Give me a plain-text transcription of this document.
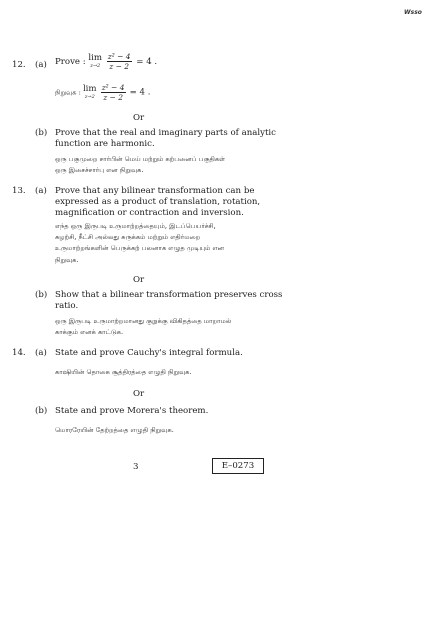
Wsso
12. (a) Prove : lim
z→2
$\frac{\text{z² − 4}}{z - 2} = 4$ .
நிறுவுக : lim
z→2
$\frac{\text{z² − 4}}{z - 2} = 4$ .
Or
(b) Prove that the real and imaginary parts of analytic
function are harmonic.
ஒரு பகுமுறை சார்பின் மெய் மற்றும் கற்பனைப் பகுதிகள்
ஒரு இசைச்சார்பு என நிறுவுக.
13. (a) Prove that any bilinear transformation can be
expressed as a product of translation, rotation,
magnification or contraction and inversion.
எந்த ஒரு இருபடி உருமாற்றத்தையும், இடப்பெயர்ச்சி,
சுழற்சி, நீட்சி அல்லது சுருக்கம் மற்றும் எதிர்மறை
உருமாற்றங்களின் பெருக்கற் பலனாக எழுத முடியும் என
நிறுவுக.
Or
(b) Show that a bilinear transformation preserves cross
ratio.
ஒரு இருபடி உருமாற்றமானது குறுக்கு விகிதத்தை மாறாமல்
காக்கும் எனக் காட்டுக.
14. (a) State and prove Cauchy's integral formula.
காஷியின் தொகை சூத்திரத்தை எழுதி நிறுவுக.
Or
(b) State and prove Morera's theorem.
மொரரேயின் தேற்றத்தை எழுதி நிறுவுக.
3	E–0273
